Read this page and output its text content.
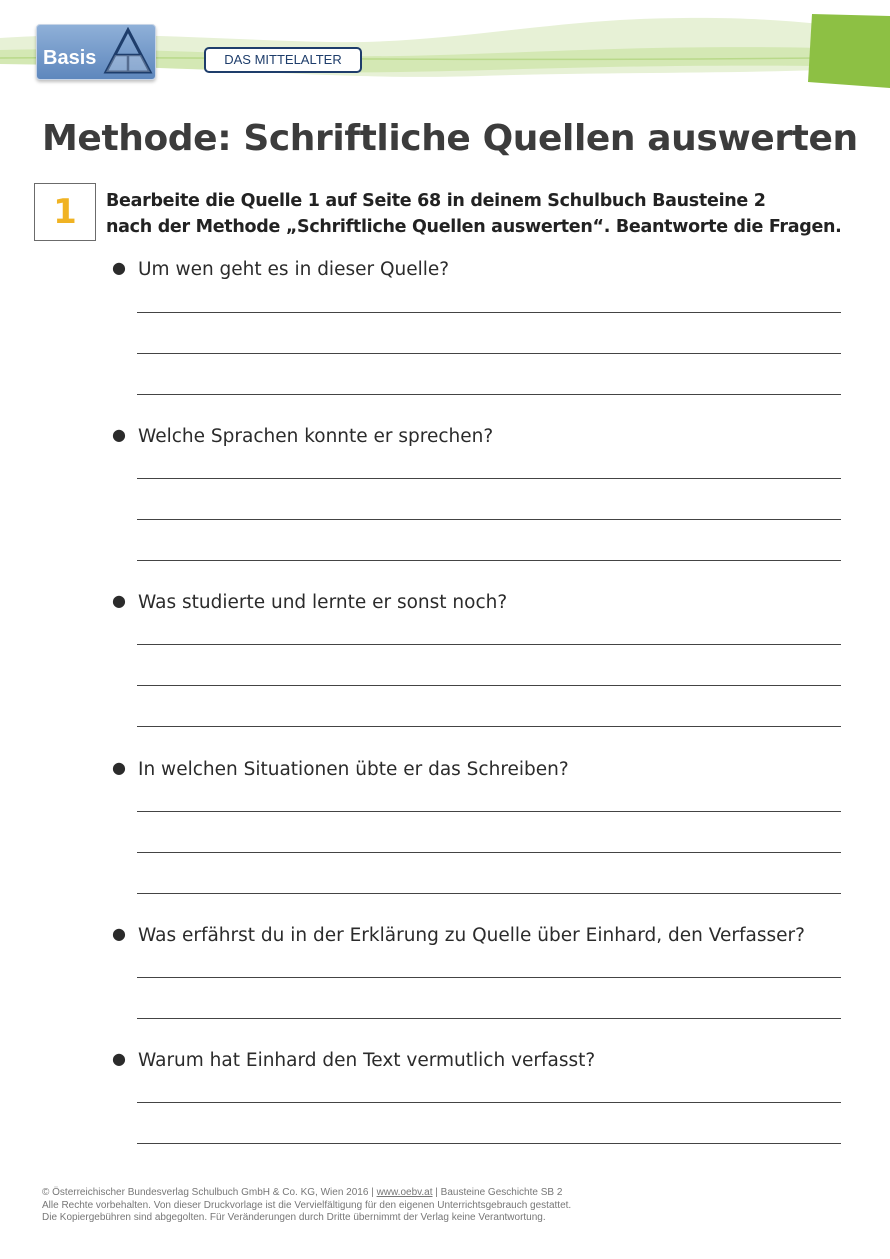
Basis	DAS MITTELALTER
Methode: Schriftliche Quellen auswerten
1	Bearbeite die Quelle 1 auf Seite 68 in deinem Schulbuch Bausteine 2
nach der Methode „Schriftliche Quellen auswerten“. Beantworte die Fragen.

● Um wen geht es in dieser Quelle?
● Welche Sprachen konnte er sprechen?
● Was studierte und lernte er sonst noch?
● In welchen Situationen übte er das Schreiben?
● Was erfährst du in der Erklärung zu Quelle über Einhard, den Verfasser?
● Warum hat Einhard den Text vermutlich verfasst?
© Österreichischer Bundesverlag Schulbuch GmbH & Co. KG, Wien 2016 | www.oebv.at | Bausteine Geschichte SB 2
Alle Rechte vorbehalten. Von dieser Druckvorlage ist die Vervielfältigung für den eigenen Unterrichtsgebrauch gestattet.
Die Kopiergebühren sind abgegolten. Für Veränderungen durch Dritte übernimmt der Verlag keine Verantwortung.
